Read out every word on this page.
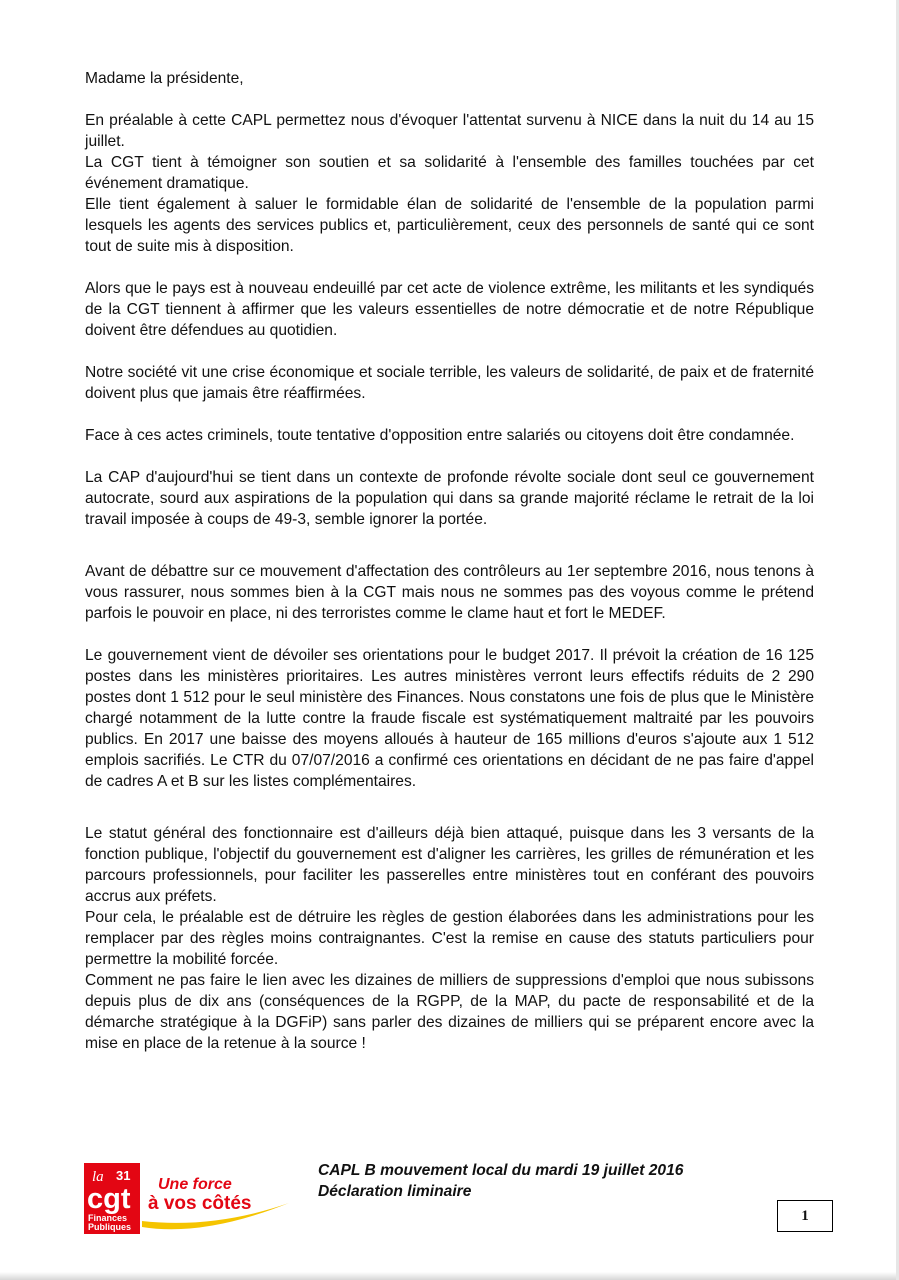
Madame la présidente,

En préalable à cette CAPL permettez nous d'évoquer l'attentat survenu à NICE dans la nuit du 14 au 15 juillet.

La CGT tient à témoigner son soutien et sa solidarité à l'ensemble des familles touchées par cet événement dramatique.

Elle tient également à saluer le formidable élan de solidarité de l'ensemble de la population parmi lesquels les agents des services publics et, particulièrement, ceux des personnels de santé qui ce sont tout de suite mis à disposition.

Alors que le pays est à nouveau endeuillé par cet acte de violence extrême, les militants et les syndiqués de la CGT tiennent à affirmer que les valeurs essentielles de notre démocratie et de notre République doivent être défendues au quotidien.

Notre société vit une crise économique et sociale terrible, les valeurs de solidarité, de paix et de fraternité doivent plus que jamais être réaffirmées.

Face à ces actes criminels, toute tentative d'opposition entre salariés ou citoyens doit être condamnée.

La CAP d'aujourd'hui se tient dans un contexte de profonde révolte sociale dont seul ce gouvernement autocrate, sourd aux aspirations de la population qui dans sa grande majorité réclame le retrait de la loi travail imposée à coups de 49-3, semble ignorer la portée.

Avant de débattre sur ce mouvement d'affectation des contrôleurs au 1er septembre 2016, nous tenons à vous rassurer, nous sommes bien à la CGT mais nous ne sommes pas des voyous comme le prétend parfois le pouvoir en place, ni des terroristes comme le clame haut et fort le MEDEF.

Le gouvernement vient de dévoiler ses orientations pour le budget 2017. Il prévoit la création de 16 125 postes dans les ministères prioritaires. Les autres ministères verront leurs effectifs réduits de 2 290 postes dont 1 512 pour le seul ministère des Finances. Nous constatons une fois de plus que le Ministère chargé notamment de la lutte contre la fraude fiscale est systématiquement maltraité par les pouvoirs publics. En 2017 une baisse des moyens alloués à hauteur de 165 millions d'euros s'ajoute aux 1 512 emplois sacrifiés. Le CTR du 07/07/2016 a confirmé ces orientations en décidant de ne pas faire d'appel de cadres A et B sur les listes complémentaires.

Le statut général des fonctionnaire est d'ailleurs déjà bien attaqué, puisque dans les 3 versants de la fonction publique, l'objectif du gouvernement est d'aligner les carrières, les grilles de rémunération et les parcours professionnels, pour faciliter les passerelles entre ministères tout en conférant des pouvoirs accrus aux préfets.

Pour cela, le préalable est de détruire les règles de gestion élaborées dans les administrations pour les remplacer par des règles moins contraignantes. C'est la remise en cause des statuts particuliers pour permettre la mobilité forcée.

Comment ne pas faire le lien avec les dizaines de milliers de suppressions d'emploi que nous subissons depuis plus de dix ans (conséquences de la RGPP, de la MAP, du pacte de responsabilité et de la démarche stratégique à la DGFiP) sans parler des dizaines de milliers qui se préparent encore avec la mise en place de la retenue à la source !

la 31
cgt
Finances
Publiques
Une force
à vos côtés
CAPL B mouvement local du mardi 19 juillet 2016
Déclaration liminaire
1
